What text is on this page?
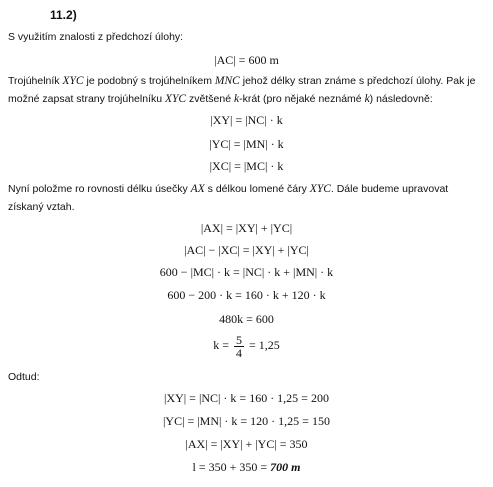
11.2)

S využitím znalosti z předchozí úlohy:

|AC| = 600 m

Trojúhelník XYC je podobný s trojúhelníkem MNC jehož délky stran známe s předchozí úlohy. Pak je možné zapsat strany trojúhelníku XYC zvětšené k-krát (pro nějaké neznámé k) následovně:

|XY| = |NC| · k
|YC| = |MN| · k
|XC| = |MC| · k

Nyní položme ro rovnosti délku úsečky AX s délkou lomené čáry XYC. Dále budeme upravovat získaný vztah.

|AX| = |XY| + |YC|
|AC| − |XC| = |XY| + |YC|
600 − |MC| · k = |NC| · k + |MN| · k
600 − 200 · k = 160 · k + 120 · k
480k = 600
$k = \frac{5}{4} = 1,25$

Odtud:

|XY| = |NC| · k = 160 · 1,25 = 200
|YC| = |MN| · k = 120 · 1,25 = 150
|AX| = |XY| + |YC| = 350
l = 350 + 350 = 700 m
